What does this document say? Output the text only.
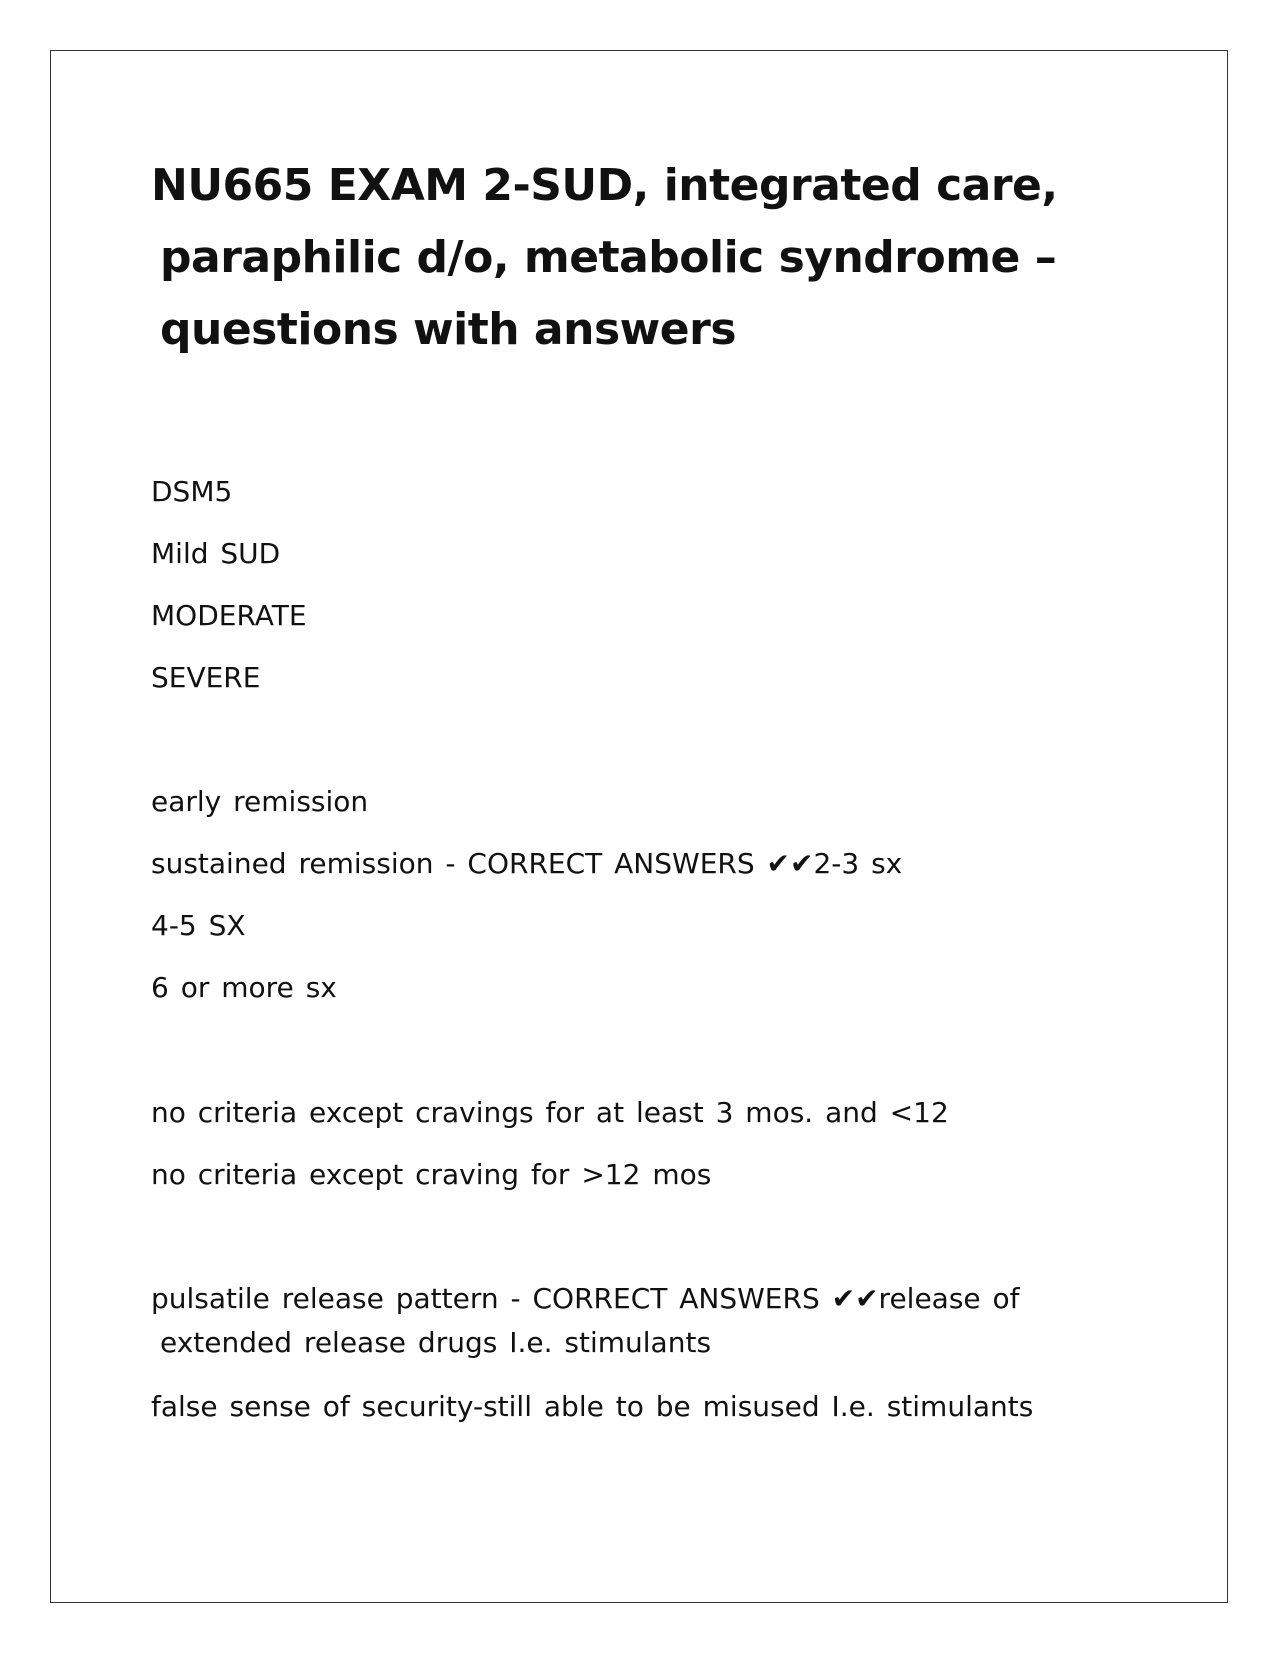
NU665 EXAM 2-SUD, integrated care,
paraphilic d/o, metabolic syndrome –
questions with answers

DSM5

Mild SUD

MODERATE

SEVERE

early remission

sustained remission - CORRECT ANSWERS ✔✔2-3 sx

4-5 SX

6 or more sx

no criteria except cravings for at least 3 mos. and <12

no criteria except craving for >12 mos

pulsatile release pattern - CORRECT ANSWERS ✔✔release of
extended release drugs I.e. stimulants

false sense of security-still able to be misused I.e. stimulants
